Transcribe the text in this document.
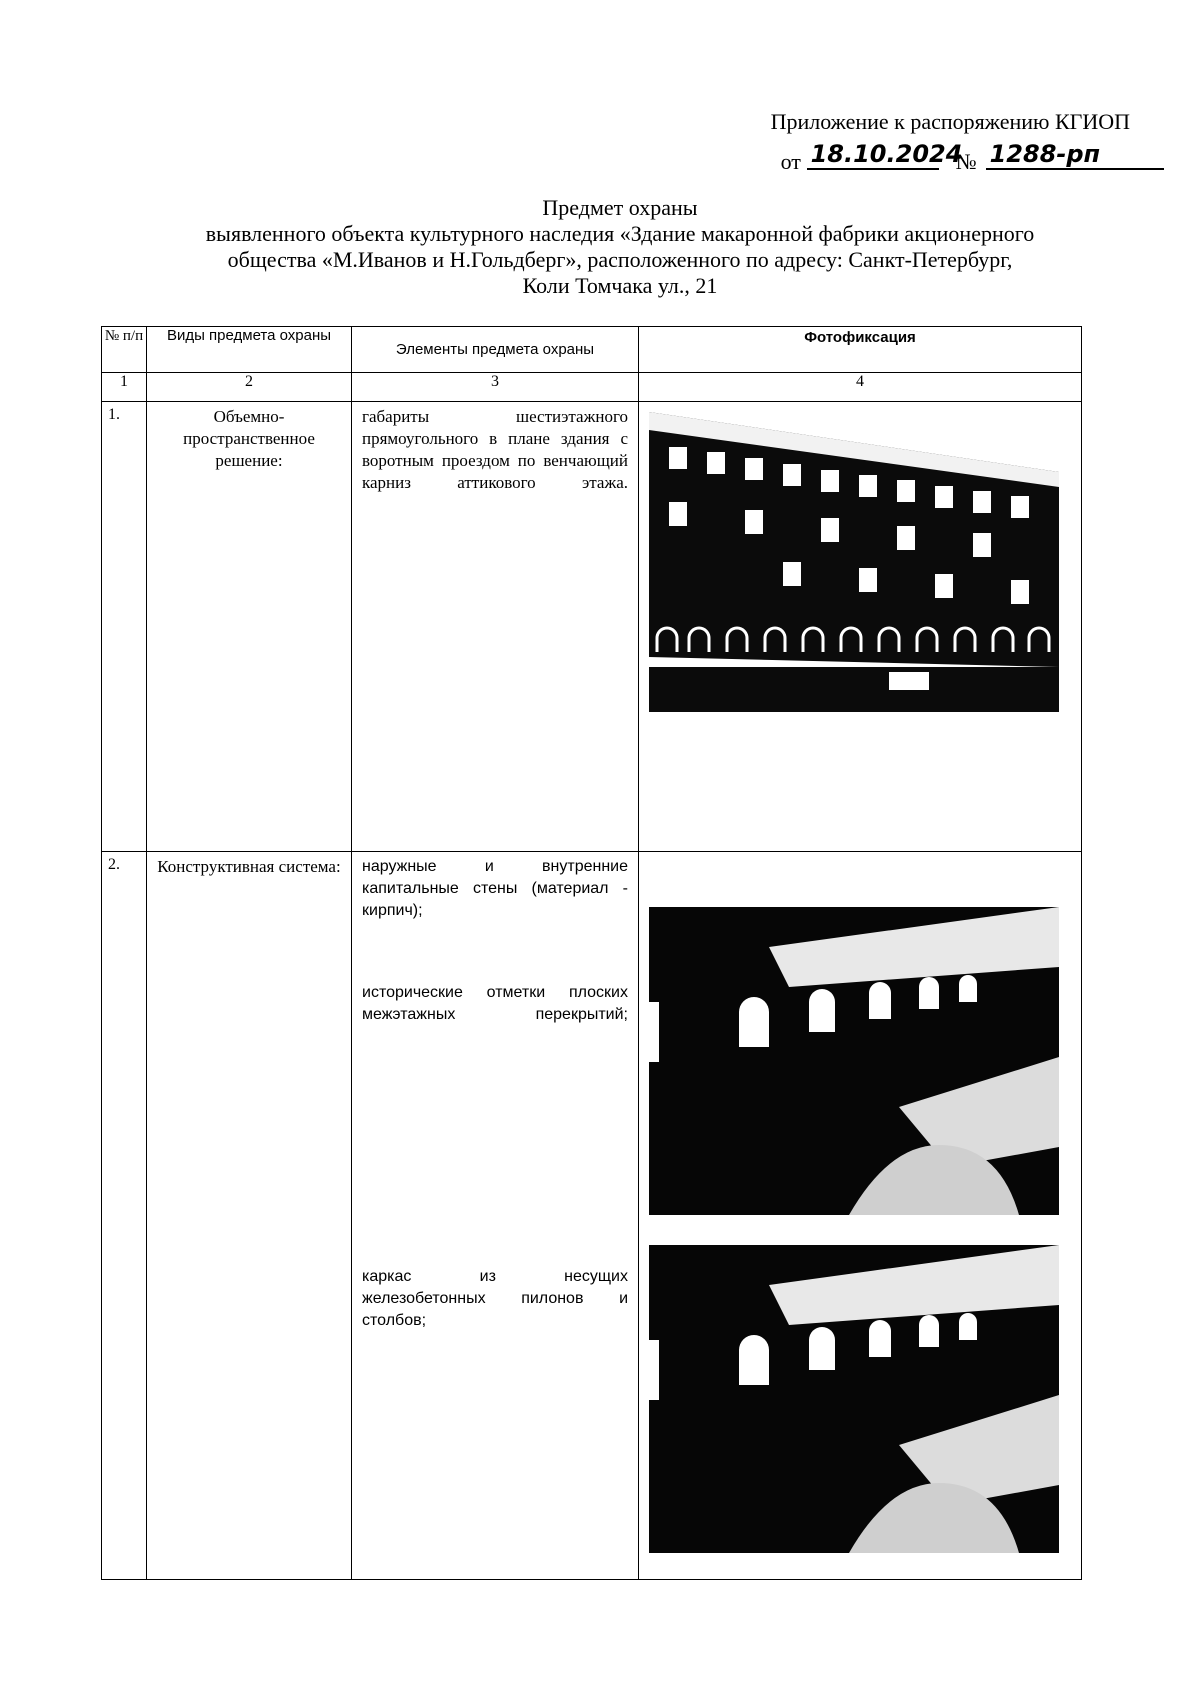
Приложение к распоряжению КГИОП
от 18.10.2024
№ 1288-рп
Предмет охраны
выявленного объекта культурного наследия «Здание макаронной фабрики акционерного
общества «М.Иванов и Н.Гольдберг», расположенного по адресу: Санкт-Петербург,
Коли Томчака ул., 21
№ п/п	Виды предмета охраны	Элементы предмета охраны	Фотофиксация
1	2	3	4
1.	Объемно-пространственное решение:	габариты шестиэтажного прямоугольного в плане здания с воротным проездом по венчающий карниз аттикового этажа.

2.	Конструктивная система:	наружные и внутренние капитальные стены (материал - кирпич);

исторические отметки плоских межэтажных перекрытий;

каркас из несущих железобетонных пилонов и столбов;
